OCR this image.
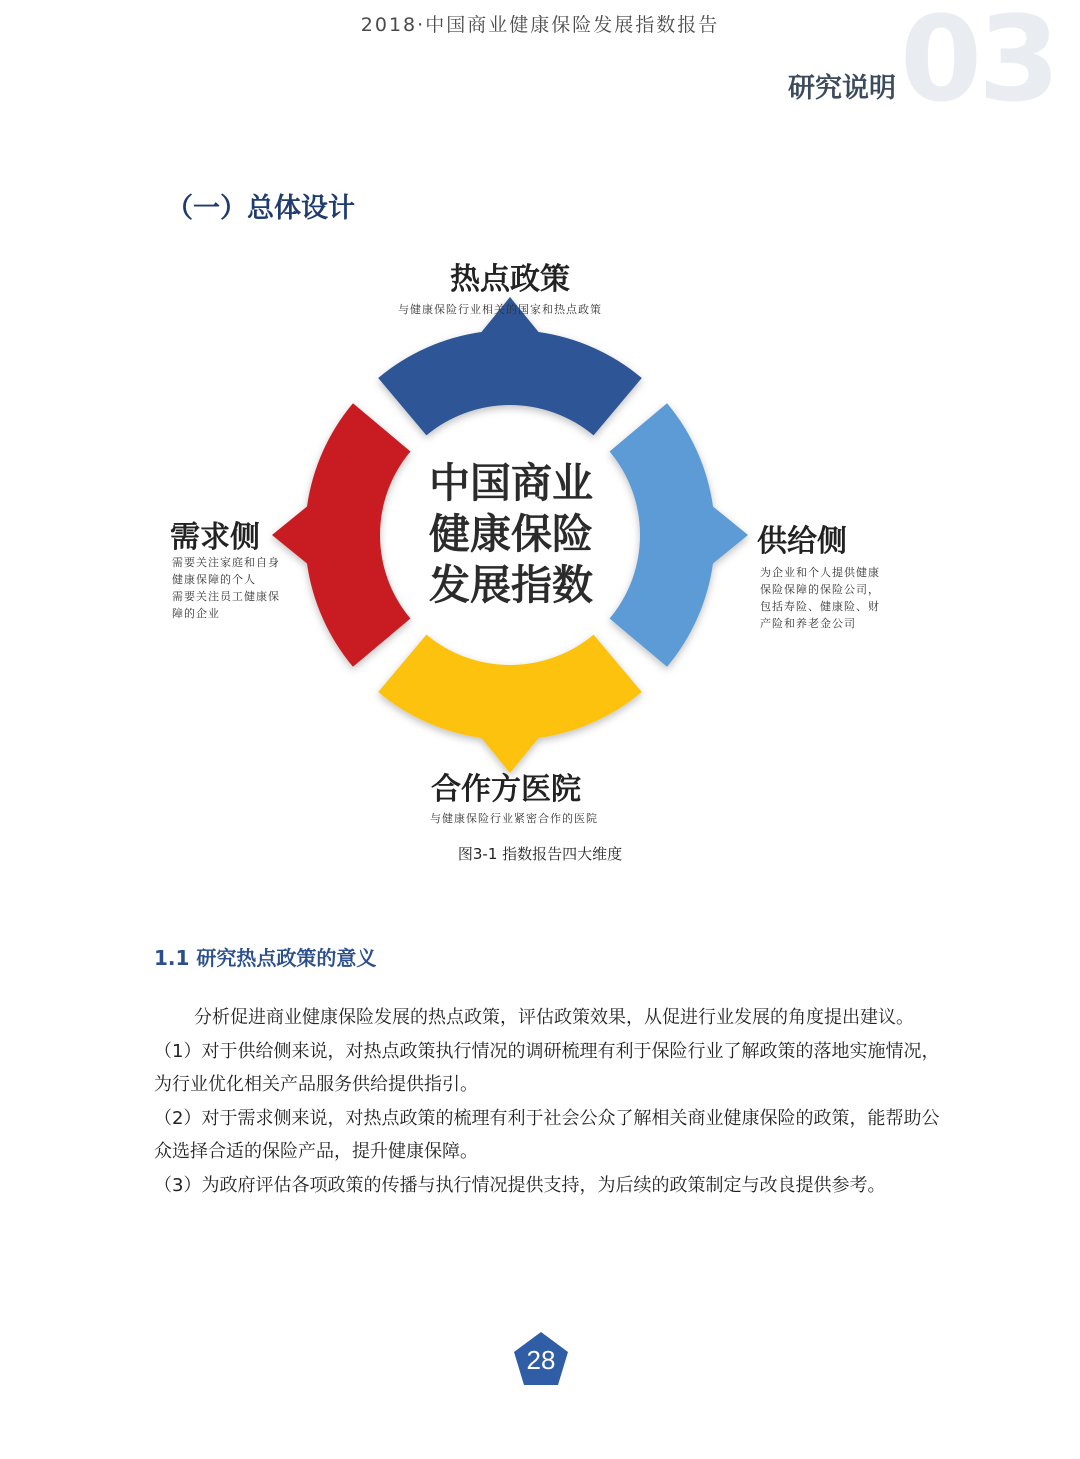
2018·中国商业健康保险发展指数报告	03
研究说明
（一）总体设计
中国商业
健康保险
发展指数
热点政策
与健康保险行业相关的国家和热点政策
供给侧
为企业和个人提供健康
保险保障的保险公司，
包括寿险、健康险、财
产险和养老金公司
合作方医院
与健康保险行业紧密合作的医院
需求侧
需要关注家庭和自身
健康保障的个人
需要关注员工健康保
障的企业
图3-1 指数报告四大维度
1.1 研究热点政策的意义

分析促进商业健康保险发展的热点政策，评估政策效果，从促进行业发展的角度提出建议。

（1）对于供给侧来说，对热点政策执行情况的调研梳理有利于保险行业了解政策的落地实施情况，为行业优化相关产品服务供给提供指引。

（2）对于需求侧来说，对热点政策的梳理有利于社会公众了解相关商业健康保险的政策，能帮助公众选择合适的保险产品，提升健康保障。

（3）为政府评估各项政策的传播与执行情况提供支持，为后续的政策制定与改良提供参考。

28
